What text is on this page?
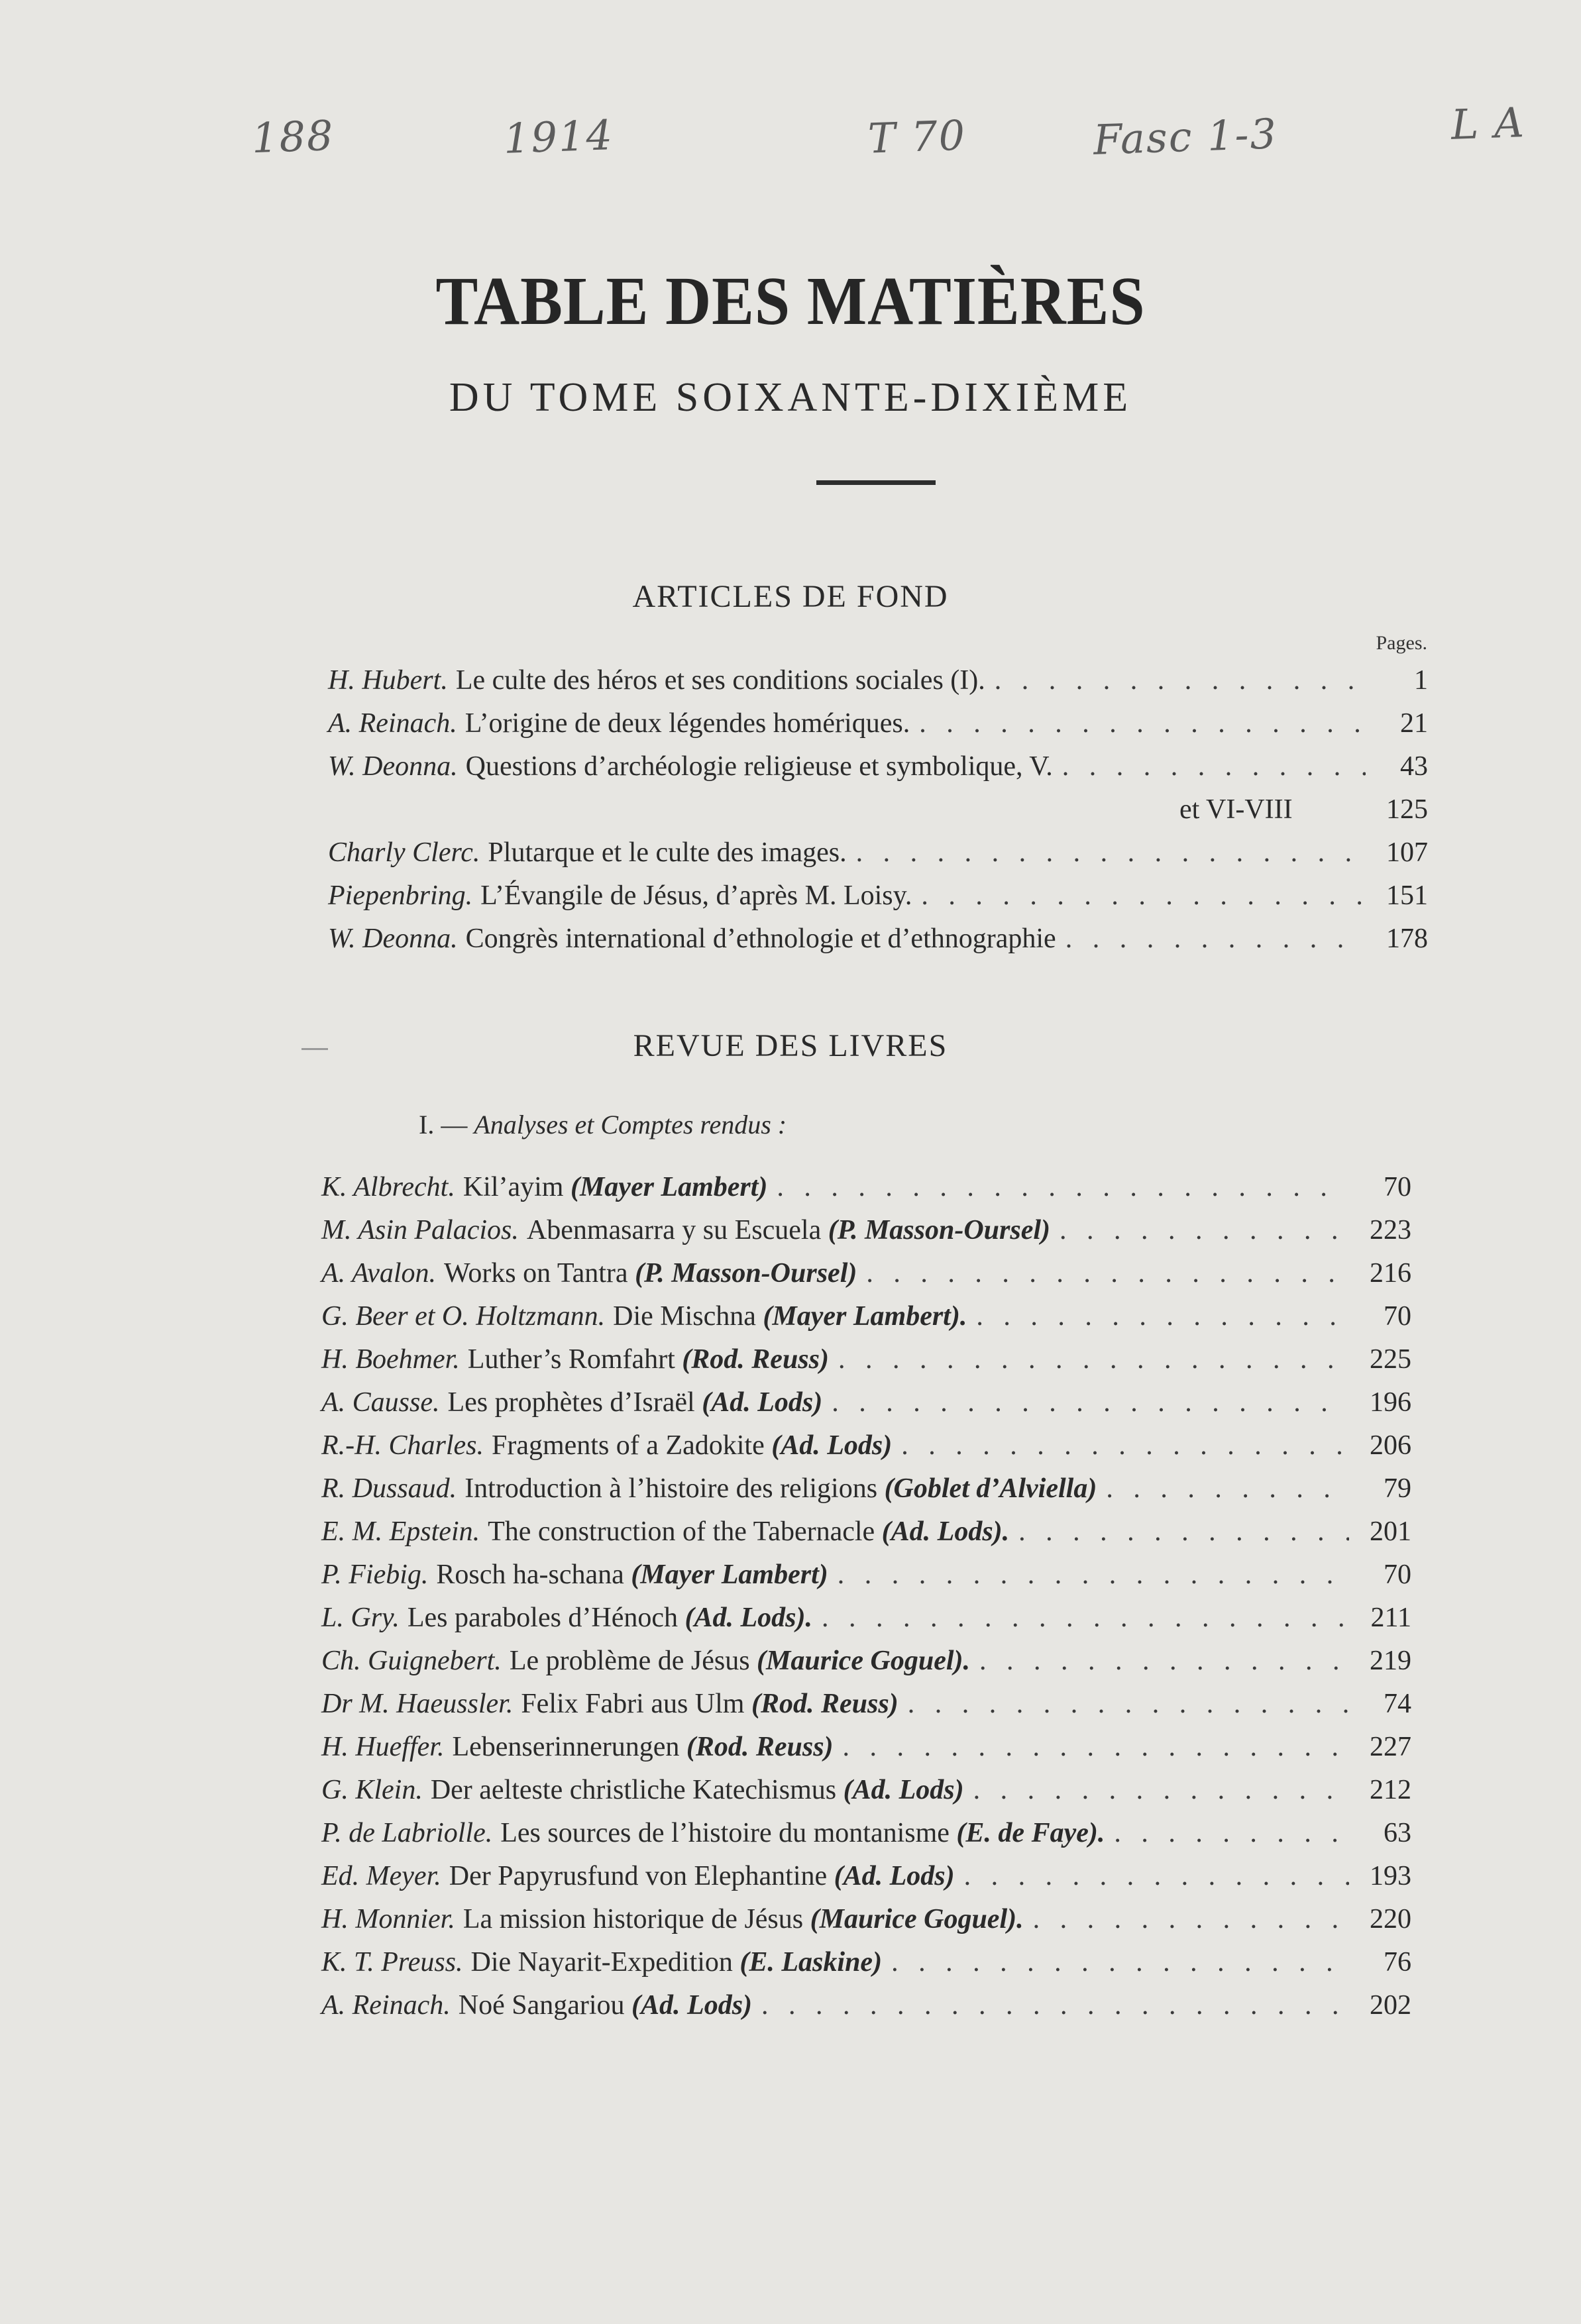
188	1914	T 70	Fasc 1-3	L A
TABLE DES MATIÈRES
DU TOME SOIXANTE-DIXIÈME
ARTICLES DE FOND
Pages.
H. Hubert. Le culte des héros et ses conditions sociales (I). . . .	1
A. Reinach. L’origine de deux légendes homériques. . . .	21
W. Deonna. Questions d’archéologie religieuse et symbolique, V. . . .	43
et VI-VIII	125
Charly Clerc. Plutarque et le culte des images. . . .	107
Piepenbring. L’Évangile de Jésus, d’après M. Loisy. . . .	151
W. Deonna. Congrès international d’ethnologie et d’ethnographie . . .	178
REVUE DES LIVRES
I. — Analyses et Comptes rendus :
K. Albrecht. Kil’ayim
(Mayer Lambert) . . .	70
M. Asin Palacios. Abenmasarra y su Escuela
(P. Masson-Oursel) . . .	223
A. Avalon. Works on Tantra
(P. Masson-Oursel) . . .	216
G. Beer et O. Holtzmann. Die Mischna
(Mayer Lambert). . . .	70
H. Boehmer. Luther’s Romfahrt
(Rod. Reuss) . . .	225
A. Causse. Les prophètes d’Israël
(Ad. Lods) . . .	196
R.-H. Charles. Fragments of a Zadokite
(Ad. Lods) . . .	206
R. Dussaud. Introduction à l’histoire des religions
(Goblet d’Alviella) . . .	79
E. M. Epstein. The construction of the Tabernacle
(Ad. Lods). . . .	201
P. Fiebig. Rosch ha-schana
(Mayer Lambert) . . .	70
L. Gry. Les paraboles d’Hénoch
(Ad. Lods). . . .	211
Ch. Guignebert. Le problème de Jésus
(Maurice Goguel). . . .	219
Dr M. Haeussler. Felix Fabri aus Ulm
(Rod. Reuss) . . .	74
H. Hueffer. Lebenserinnerungen
(Rod. Reuss) . . .	227
G. Klein. Der aelteste christliche Katechismus
(Ad. Lods) . . .	212
P. de Labriolle. Les sources de l’histoire du montanisme
(E. de Faye). . . .	63
Ed. Meyer. Der Papyrusfund von Elephantine
(Ad. Lods) . . .	193
H. Monnier. La mission historique de Jésus
(Maurice Goguel). . . .	220
K. T. Preuss. Die Nayarit-Expedition
(E. Laskine) . . .	76
A. Reinach. Noé Sangariou
(Ad. Lods) . . .	202
